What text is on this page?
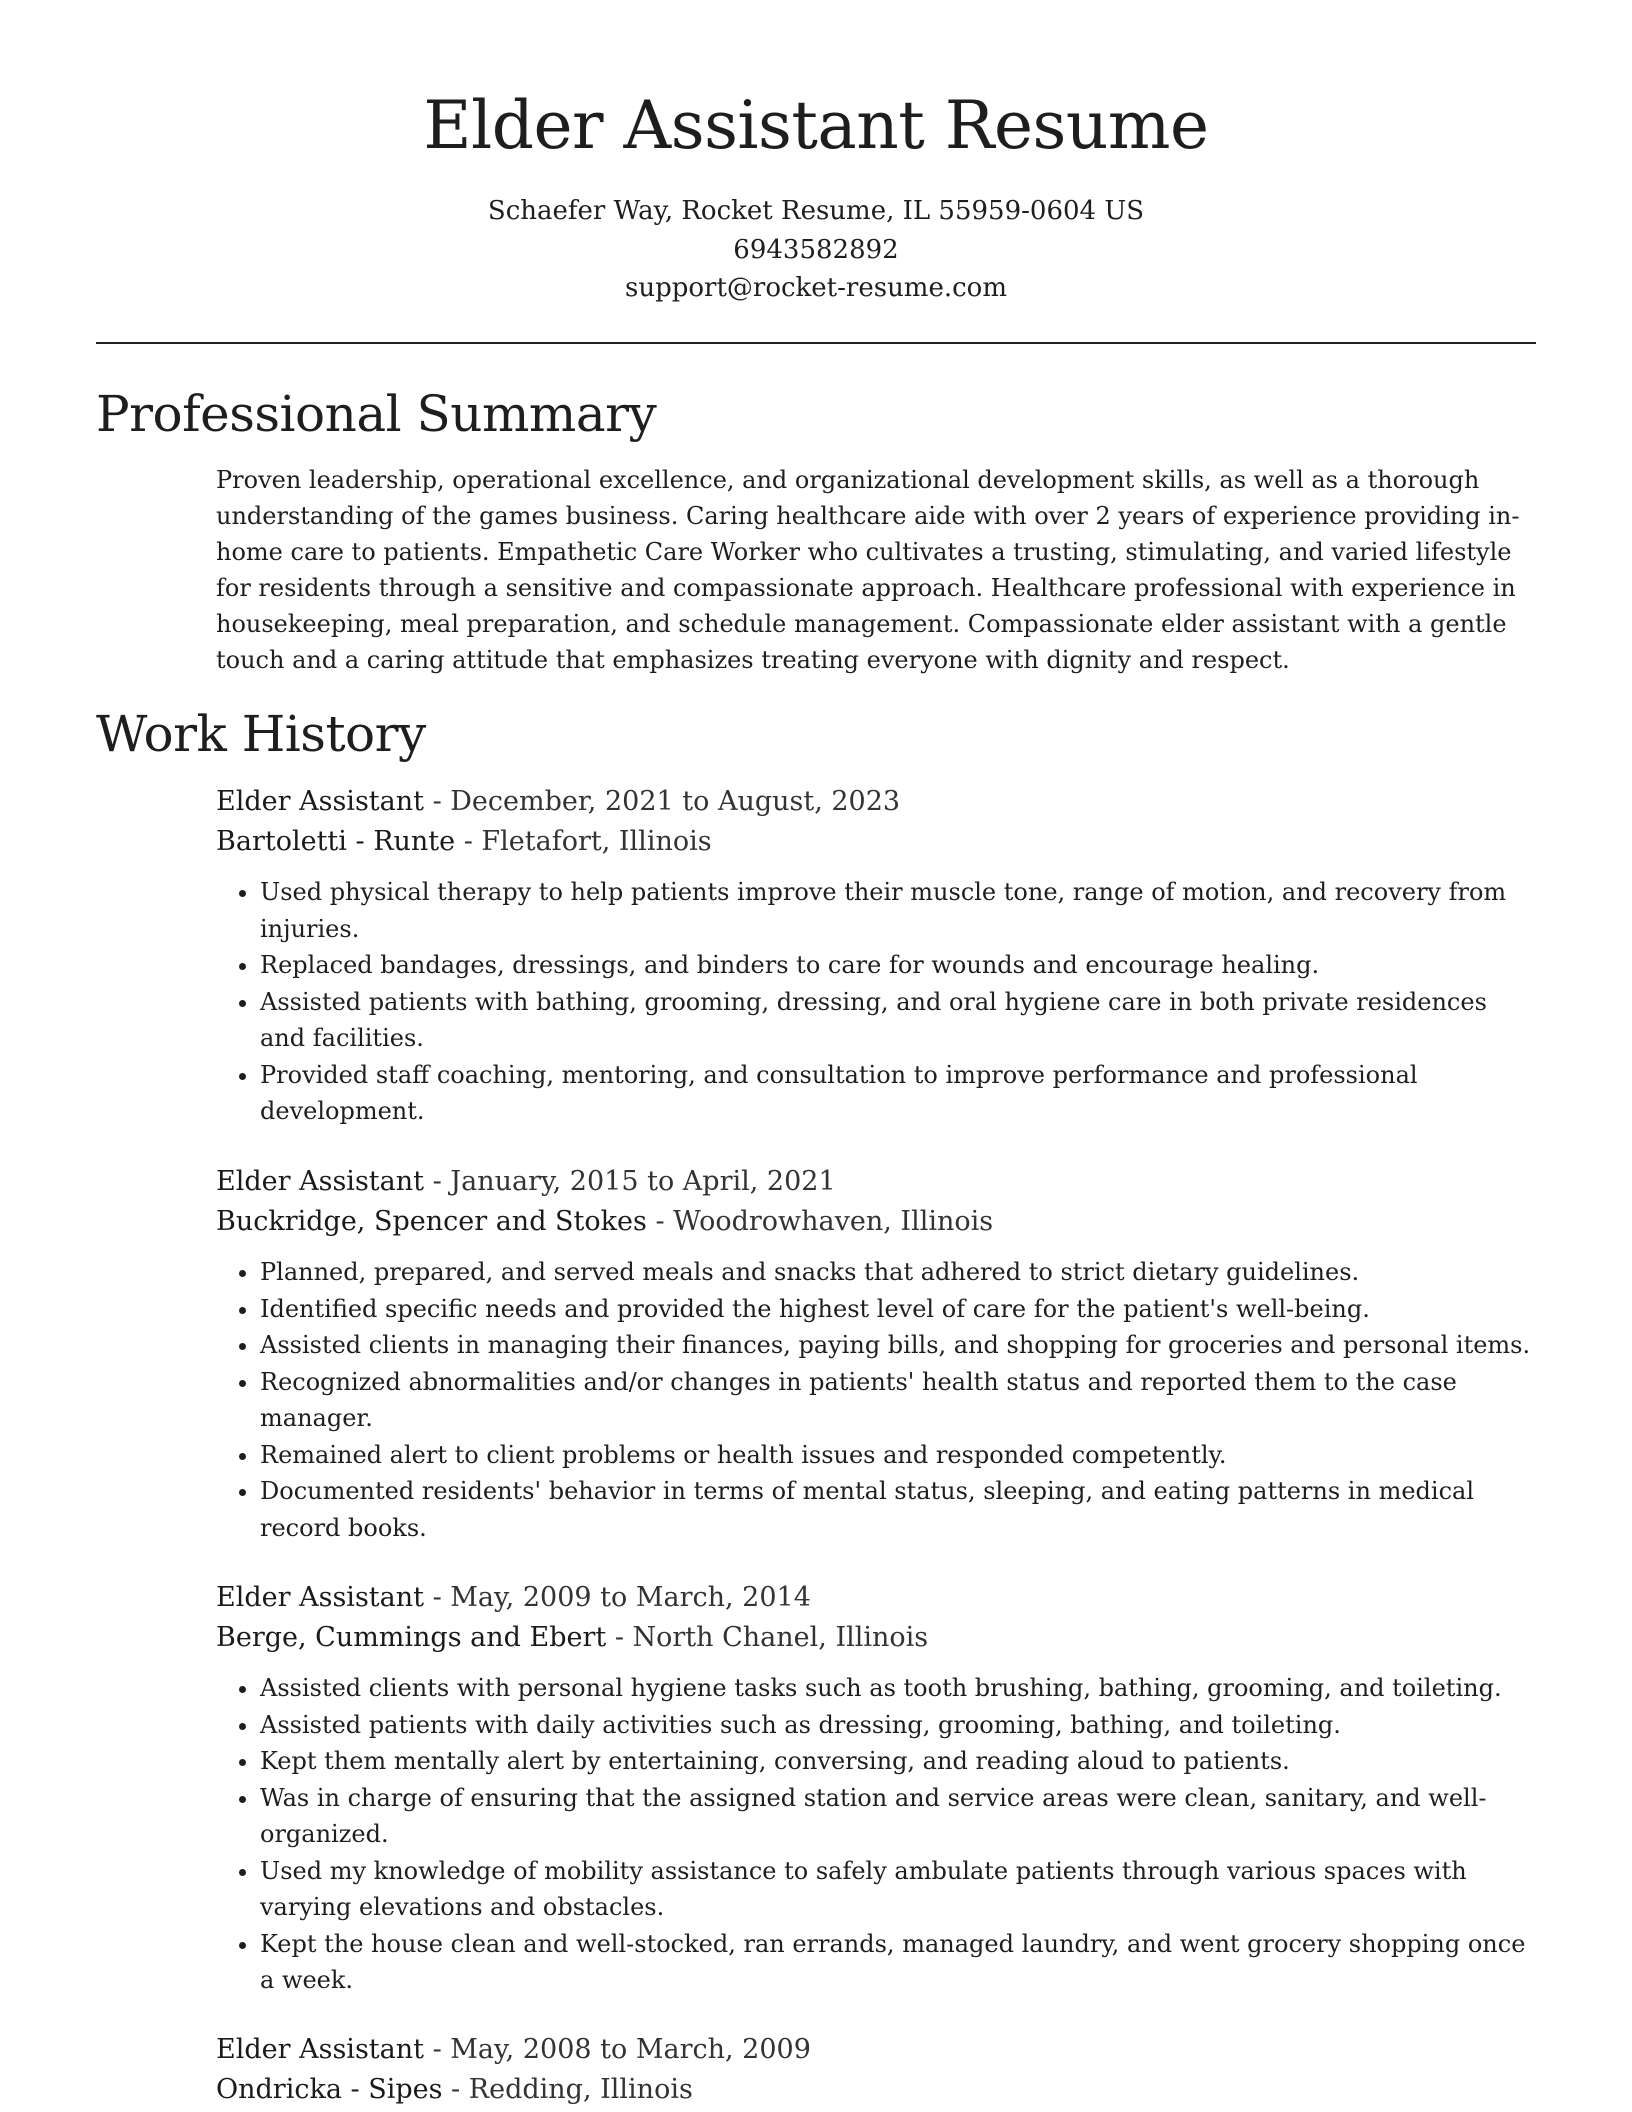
Elder Assistant Resume
Schaefer Way, Rocket Resume, IL 55959-0604 US
6943582892
support@rocket-resume.com
Professional Summary

Proven leadership, operational excellence, and organizational development skills, as well as a thorough understanding of the games business. Caring healthcare aide with over 2 years of experience providing in-home care to patients. Empathetic Care Worker who cultivates a trusting, stimulating, and varied lifestyle for residents through a sensitive and compassionate approach. Healthcare professional with experience in housekeeping, meal preparation, and schedule management. Compassionate elder assistant with a gentle touch and a caring attitude that emphasizes treating everyone with dignity and respect.

Work History

Elder Assistant - December, 2021 to August, 2023

Bartoletti - Runte - Fletafort, Illinois

• Used physical therapy to help patients improve their muscle tone, range of motion, and recovery from injuries.
• Replaced bandages, dressings, and binders to care for wounds and encourage healing.
• Assisted patients with bathing, grooming, dressing, and oral hygiene care in both private residences and facilities.
• Provided staff coaching, mentoring, and consultation to improve performance and professional development.

Elder Assistant - January, 2015 to April, 2021

Buckridge, Spencer and Stokes - Woodrowhaven, Illinois

• Planned, prepared, and served meals and snacks that adhered to strict dietary guidelines.
• Identified specific needs and provided the highest level of care for the patient's well-being.
• Assisted clients in managing their finances, paying bills, and shopping for groceries and personal items.
• Recognized abnormalities and/or changes in patients' health status and reported them to the case manager.
• Remained alert to client problems or health issues and responded competently.
• Documented residents' behavior in terms of mental status, sleeping, and eating patterns in medical record books.

Elder Assistant - May, 2009 to March, 2014

Berge, Cummings and Ebert - North Chanel, Illinois

• Assisted clients with personal hygiene tasks such as tooth brushing, bathing, grooming, and toileting.
• Assisted patients with daily activities such as dressing, grooming, bathing, and toileting.
• Kept them mentally alert by entertaining, conversing, and reading aloud to patients.
• Was in charge of ensuring that the assigned station and service areas were clean, sanitary, and well-organized.
• Used my knowledge of mobility assistance to safely ambulate patients through various spaces with varying elevations and obstacles.
• Kept the house clean and well-stocked, ran errands, managed laundry, and went grocery shopping once a week.

Elder Assistant - May, 2008 to March, 2009

Ondricka - Sipes - Redding, Illinois
